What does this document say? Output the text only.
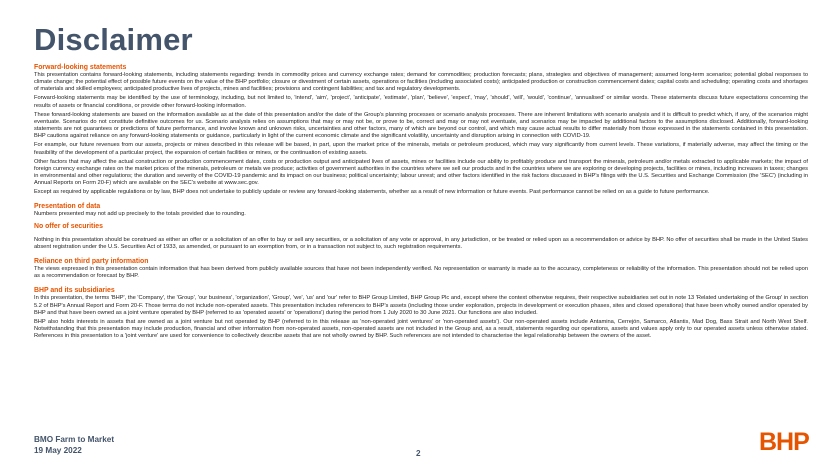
Disclaimer
Forward-looking statements

This presentation contains forward-looking statements, including statements regarding: trends in commodity prices and currency exchange rates; demand for commodities; production forecasts; plans, strategies and objectives of management; assumed long-term scenarios; potential global responses to climate change; the potential effect of possible future events on the value of the BHP portfolio; closure or divestment of certain assets, operations or facilities (including associated costs); anticipated production or construction commencement dates; capital costs and scheduling; operating costs and shortages of materials and skilled employees; anticipated productive lives of projects, mines and facilities; provisions and contingent liabilities; and tax and regulatory developments.

Forward-looking statements may be identified by the use of terminology, including, but not limited to, 'intend', 'aim', 'project', 'anticipate', 'estimate', 'plan', 'believe', 'expect', 'may', 'should', 'will', 'would', 'continue', 'annualised' or similar words. These statements discuss future expectations concerning the results of assets or financial conditions, or provide other forward-looking information.

These forward-looking statements are based on the information available as at the date of this presentation and/or the date of the Group's planning processes or scenario analysis processes. There are inherent limitations with scenario analysis and it is difficult to predict which, if any, of the scenarios might eventuate. Scenarios do not constitute definitive outcomes for us. Scenario analysis relies on assumptions that may or may not be, or prove to be, correct and may or may not eventuate, and scenarios may be impacted by additional factors to the assumptions disclosed. Additionally, forward-looking statements are not guarantees or predictions of future performance, and involve known and unknown risks, uncertainties and other factors, many of which are beyond our control, and which may cause actual results to differ materially from those expressed in the statements contained in this presentation. BHP cautions against reliance on any forward-looking statements or guidance, particularly in light of the current economic climate and the significant volatility, uncertainty and disruption arising in connection with COVID-19.

For example, our future revenues from our assets, projects or mines described in this release will be based, in part, upon the market price of the minerals, metals or petroleum produced, which may vary significantly from current levels. These variations, if materially adverse, may affect the timing or the feasibility of the development of a particular project, the expansion of certain facilities or mines, or the continuation of existing assets.

Other factors that may affect the actual construction or production commencement dates, costs or production output and anticipated lives of assets, mines or facilities include our ability to profitably produce and transport the minerals, petroleum and/or metals extracted to applicable markets; the impact of foreign currency exchange rates on the market prices of the minerals, petroleum or metals we produce; activities of government authorities in the countries where we sell our products and in the countries where we are exploring or developing projects, facilities or mines, including increases in taxes; changes in environmental and other regulations; the duration and severity of the COVID-19 pandemic and its impact on our business; political uncertainty; labour unrest; and other factors identified in the risk factors discussed in BHP's filings with the U.S. Securities and Exchange Commission (the 'SEC') (including in Annual Reports on Form 20-F) which are available on the SEC's website at www.sec.gov.

Except as required by applicable regulations or by law, BHP does not undertake to publicly update or review any forward-looking statements, whether as a result of new information or future events. Past performance cannot be relied on as a guide to future performance.

Presentation of data

Numbers presented may not add up precisely to the totals provided due to rounding.

No offer of securities

Nothing in this presentation should be construed as either an offer or a solicitation of an offer to buy or sell any securities, or a solicitation of any vote or approval, in any jurisdiction, or be treated or relied upon as a recommendation or advice by BHP. No offer of securities shall be made in the United States absent registration under the U.S. Securities Act of 1933, as amended, or pursuant to an exemption from, or in a transaction not subject to, such registration requirements.

Reliance on third party information

The views expressed in this presentation contain information that has been derived from publicly available sources that have not been independently verified. No representation or warranty is made as to the accuracy, completeness or reliability of the information. This presentation should not be relied upon as a recommendation or forecast by BHP.

BHP and its subsidiaries

In this presentation, the terms 'BHP', the 'Company', the 'Group', 'our business', 'organization', 'Group', 'we', 'us' and 'our' refer to BHP Group Limited, BHP Group Plc and, except where the context otherwise requires, their respective subsidiaries set out in note 13 'Related undertaking of the Group' in section 5.2 of BHP's Annual Report and Form 20-F. Those terms do not include non-operated assets. This presentation includes references to BHP's assets (including those under exploration, projects in development or execution phases, sites and closed operations) that have been wholly owned and/or operated by BHP and that have been owned as a joint venture operated by BHP (referred to as 'operated assets' or 'operations') during the period from 1 July 2020 to 30 June 2021. Our functions are also included.

BHP also holds interests in assets that are owned as a joint venture but not operated by BHP (referred to in this release as 'non-operated joint ventures' or 'non-operated assets'). Our non-operated assets include Antamina, Cerrejón, Samarco, Atlantis, Mad Dog, Bass Strait and North West Shelf. Notwithstanding that this presentation may include production, financial and other information from non-operated assets, non-operated assets are not included in the Group and, as a result, statements regarding our operations, assets and values apply only to our operated assets unless otherwise stated. References in this presentation to a 'joint venture' are used for convenience to collectively describe assets that are not wholly owned by BHP. Such references are not intended to characterise the legal relationship between the owners of the asset.

BMO Farm to Market
19 May 2022	2	BHP
